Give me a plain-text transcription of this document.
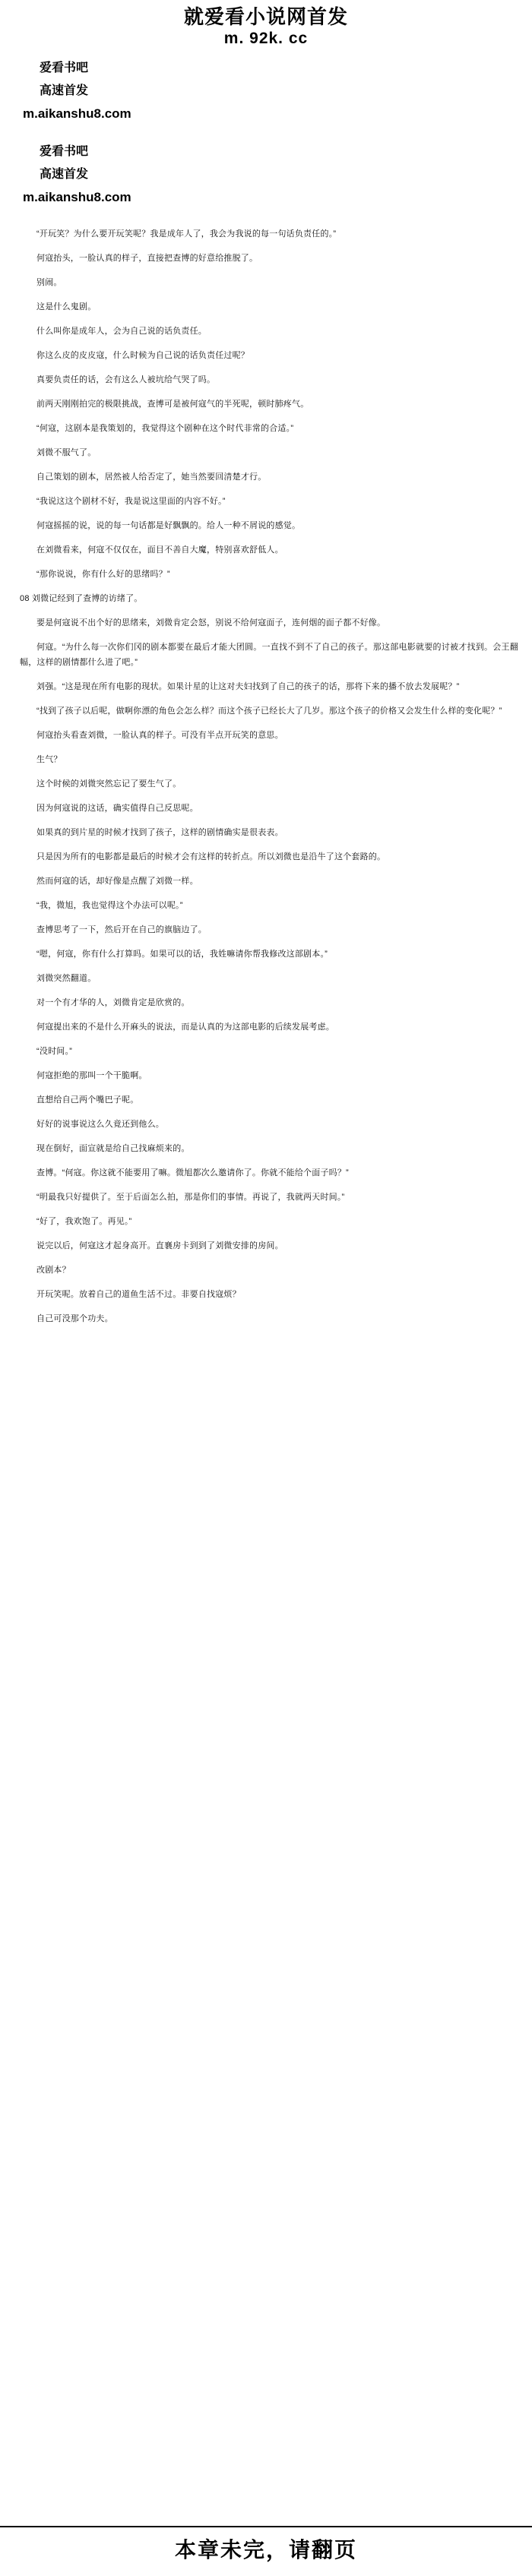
就爱看小说网首发
m. 92k. cc
爱看书吧
高速首发
m.aikanshu8.com
爱看书吧
高速首发
m.aikanshu8.com

“开玩笑？为什么要开玩笑呢？我是成年人了，我会为我说的每一句话负责任的。”

何寇抬头，一脸认真的样子，直接把查博的好意给推脱了。

别闹。

这是什么鬼剧。

什么叫你是成年人，会为自己说的话负责任。

你这么皮的皮皮寇，什么时候为自己说的话负责任过呢？

真要负责任的话，会有这么人被坑给气哭了吗。

前两天刚刚拍完的极限挑战，查博可是被何寇气的半死呢，顿时肺疼气。

“何寇，这剧本是我策划的，我觉得这个剧种在这个时代非常的合适。”

刘微不服气了。

自己策划的剧本，居然被人给否定了，她当然要回清楚才行。

“我说这这个剧材不好，我是说这里面的内容不好。”

何寇摇摇的说，说的每一句话都是好飘飘的。给人一种不屑说的感觉。

在刘微看来，何寇不仅仅在，面目不善自大魔，特别喜欢舒低人。

“那你说说，你有什么好的思绪吗？”

08 刘微记经到了查博的访绪了。

要是何寇说不出个好的思绪来，刘微肯定会怒，别说不给何寇面子，连何烟的面子都不好像。

何寇。“为什么每一次你们冈的剧本都要在最后才能大团圆。一直找不到不了自己的孩子。那这部电影就要的讨被才找到。会王翻幅，这样的剧情都什么进了吧。”

刘强。“这是现在所有电影的现状。如果计星的让这对夫妇找到了自己的孩子的话，那将下来的播不放去发展呢？”

“找到了孩子以后呢，做啊你漂的角色会怎么样？而这个孩子已经长大了几岁。那这个孩子的价格又会发生什么样的变化呢？”

何寇抬头看查刘微，一脸认真的样子。可没有半点开玩笑的意思。

生气？

这个时候的刘微突然忘记了要生气了。

因为何寇说的这话，确实值得自己反思呢。

如果真的到片星的时候才找到了孩子，这样的剧情确实是很表表。

只是因为所有的电影都是最后的时候才会有这样的转折点。所以刘微也是沿牛了这个套路的。

然而何寇的话，却好像是点醒了刘微一样。

“我，微旭，我也觉得这个办法可以呢。”

查博思考了一下，然后开在自己的旗脑边了。

“嗯，何寇，你有什么打算吗。如果可以的话，我姓嘛请你帮我修改这部剧本。”

刘微突然翻道。

对一个有才华的人，刘微肯定是欣赏的。

何寇提出来的不是什么开麻头的说法，而是认真的为这部电影的后续发展考虑。

“没时间。”

何寇拒绝的那叫一个干脆啊。

直想给自己两个嘴巴子呢。

好好的说事说这么久竟还到他么。

现在倒好，面宣就是给自己找麻烦来的。

查博。“何寇。你这就不能要用了嘛。微旭都次么邀请你了。你就不能给个面子吗？”

“明最我只好提供了。至于后面怎么拍，那是你们的事情。再说了，我就两天时间。”

“好了，我欢饱了。再见。”

说完以后，何寇这才起身高开。直襄房卡到到了刘微安排的房间。

改剧本？

开玩笑呢。放着自己的道鱼生活不过。非要自找寇烦？

自己可没那个功夫。

本章未完，请翻页
